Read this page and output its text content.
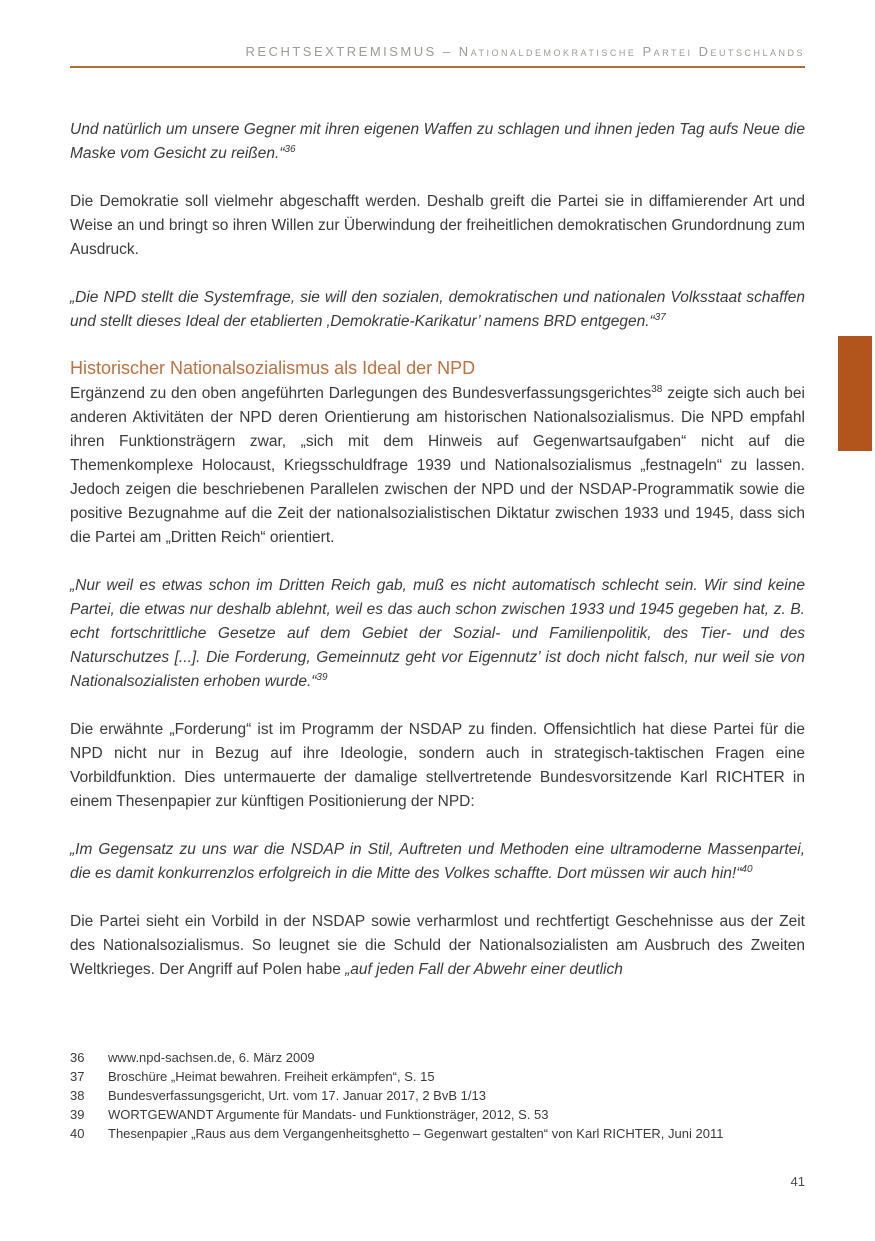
RECHTSEXTREMISMUS – Nationaldemokratische Partei Deutschlands

Und natürlich um unsere Gegner mit ihren eigenen Waffen zu schlagen und ihnen jeden Tag aufs Neue die Maske vom Gesicht zu reißen.“$^{36}$

Die Demokratie soll vielmehr abgeschafft werden. Deshalb greift die Partei sie in diffamierender Art und Weise an und bringt so ihren Willen zur Überwindung der freiheitlichen demokratischen Grundordnung zum Ausdruck.

„Die NPD stellt die Systemfrage, sie will den sozialen, demokratischen und nationalen Volksstaat schaffen und stellt dieses Ideal der etablierten ‚Demokratie-Karikatur’ namens BRD entgegen.“$^{37}$

Historischer Nationalsozialismus als Ideal der NPD

Ergänzend zu den oben angeführten Darlegungen des Bundesverfassungsgerichtes$^{38}$ zeigte sich auch bei anderen Aktivitäten der NPD deren Orientierung am historischen Nationalsozialismus. Die NPD empfahl ihren Funktionsträgern zwar, „sich mit dem Hinweis auf Gegenwartsaufgaben“ nicht auf die Themenkomplexe Holocaust, Kriegsschuldfrage 1939 und Nationalsozialismus „festnageln“ zu lassen. Jedoch zeigen die beschriebenen Parallelen zwischen der NPD und der NSDAP-Programmatik sowie die positive Bezugnahme auf die Zeit der nationalsozialistischen Diktatur zwischen 1933 und 1945, dass sich die Partei am „Dritten Reich“ orientiert.

„Nur weil es etwas schon im Dritten Reich gab, muß es nicht automatisch schlecht sein. Wir sind keine Partei, die etwas nur deshalb ablehnt, weil es das auch schon zwischen 1933 und 1945 gegeben hat, z. B. echt fortschrittliche Gesetze auf dem Gebiet der Sozial- und Familienpolitik, des Tier- und des Naturschutzes [...]. Die Forderung, Gemeinnutz geht vor Eigennutz’ ist doch nicht falsch, nur weil sie von Nationalsozialisten erhoben wurde.“$^{39}$

Die erwähnte „Forderung“ ist im Programm der NSDAP zu finden. Offensichtlich hat diese Partei für die NPD nicht nur in Bezug auf ihre Ideologie, sondern auch in strategisch-taktischen Fragen eine Vorbildfunktion. Dies untermauerte der damalige stellvertretende Bundesvorsitzende Karl RICHTER in einem Thesenpapier zur künftigen Positionierung der NPD:

„Im Gegensatz zu uns war die NSDAP in Stil, Auftreten und Methoden eine ultramoderne Massenpartei, die es damit konkurrenzlos erfolgreich in die Mitte des Volkes schaffte. Dort müssen wir auch hin!“$^{40}$

Die Partei sieht ein Vorbild in der NSDAP sowie verharmlost und rechtfertigt Geschehnisse aus der Zeit des Nationalsozialismus. So leugnet sie die Schuld der Nationalsozialisten am Ausbruch des Zweiten Weltkrieges. Der Angriff auf Polen habe „auf jeden Fall der Abwehr einer deutlich

36	www.npd-sachsen.de, 6. März 2009
37	Broschüre „Heimat bewahren. Freiheit erkämpfen“, S. 15
38	Bundesverfassungsgericht, Urt. vom 17. Januar 2017, 2 BvB 1/13
39	WORTGEWANDT Argumente für Mandats- und Funktionsträger, 2012, S. 53
40	Thesenpapier „Raus aus dem Vergangenheitsghetto – Gegenwart gestalten“ von Karl RICHTER, Juni 2011
41
